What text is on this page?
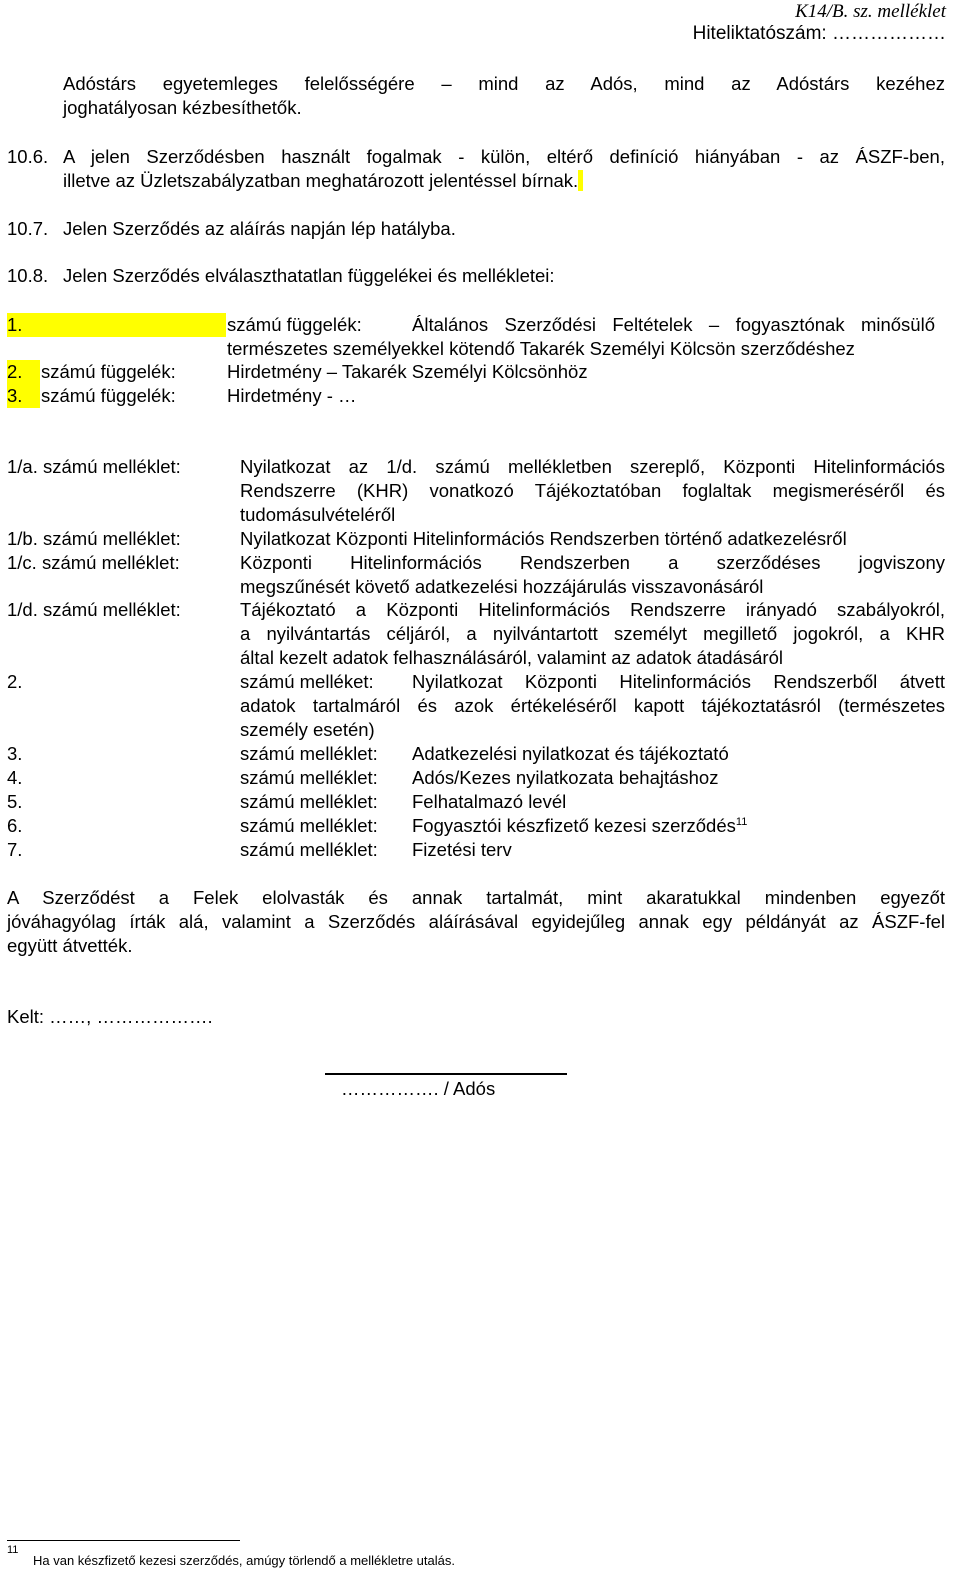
K14/B. sz. melléklet
Hiteliktatószám: ………………
Adóstárs egyetemleges felelősségére – mind az Adós, mind az Adóstárs kezéhez
joghatályosan kézbesíthetők.
10.6. A jelen Szerződésben használt fogalmak - külön, eltérő definíció hiányában - az ÁSZF-ben,
illetve az Üzletszabályzatban meghatározott jelentéssel bírnak.
10.7. Jelen Szerződés az aláírás napján lép hatályba.
10.8. Jelen Szerződés elválaszthatatlan függelékei és mellékletei:
1.	számú függelék:	Általános Szerződési Feltételek – fogyasztónak minősülő
természetes személyekkel kötendő Takarék Személyi Kölcsön szerződéshez
2.	számú függelék:	Hirdetmény – Takarék Személyi Kölcsönhöz
3.	számú függelék:	Hirdetmény - …
1/a. számú melléklet:	Nyilatkozat az 1/d. számú mellékletben szereplő, Központi Hitelinformációs
Rendszerre (KHR) vonatkozó Tájékoztatóban foglaltak megismeréséről és
tudomásulvételéről
1/b. számú melléklet:	Nyilatkozat Központi Hitelinformációs Rendszerben történő adatkezelésről
1/c. számú melléklet:	Központi Hitelinformációs Rendszerben a szerződéses jogviszony
megszűnését követő adatkezelési hozzájárulás visszavonásáról
1/d. számú melléklet:	Tájékoztató a Központi Hitelinformációs Rendszerre irányadó szabályokról,
a nyilvántartás céljáról, a nyilvántartott személyt megillető jogokról, a KHR
által kezelt adatok felhasználásáról, valamint az adatok átadásáról
2.	számú melléket: Nyilatkozat Központi Hitelinformációs Rendszerből átvett
adatok tartalmáról és azok értékeléséről kapott tájékoztatásról (természetes
személy esetén)
3.	számú melléklet: Adatkezelési nyilatkozat és tájékoztató
4.	számú melléklet: Adós/Kezes nyilatkozata behajtáshoz
5.	számú melléklet: Felhatalmazó levél
6.	számú melléklet: Fogyasztói készfizető kezesi szerződés$^{11}$
7.	számú melléklet: Fizetési terv
A Szerződést a Felek elolvasták és annak tartalmát, mint akaratukkal mindenben egyezőt
jóváhagyólag írták alá, valamint a Szerződés aláírásával egyidejűleg annak egy példányát az ÁSZF-fel
együtt átvették.
Kelt: ……, ……………….
……………. / Adós
11
Ha van készfizető kezesi szerződés, amúgy törlendő a mellékletre utalás.
